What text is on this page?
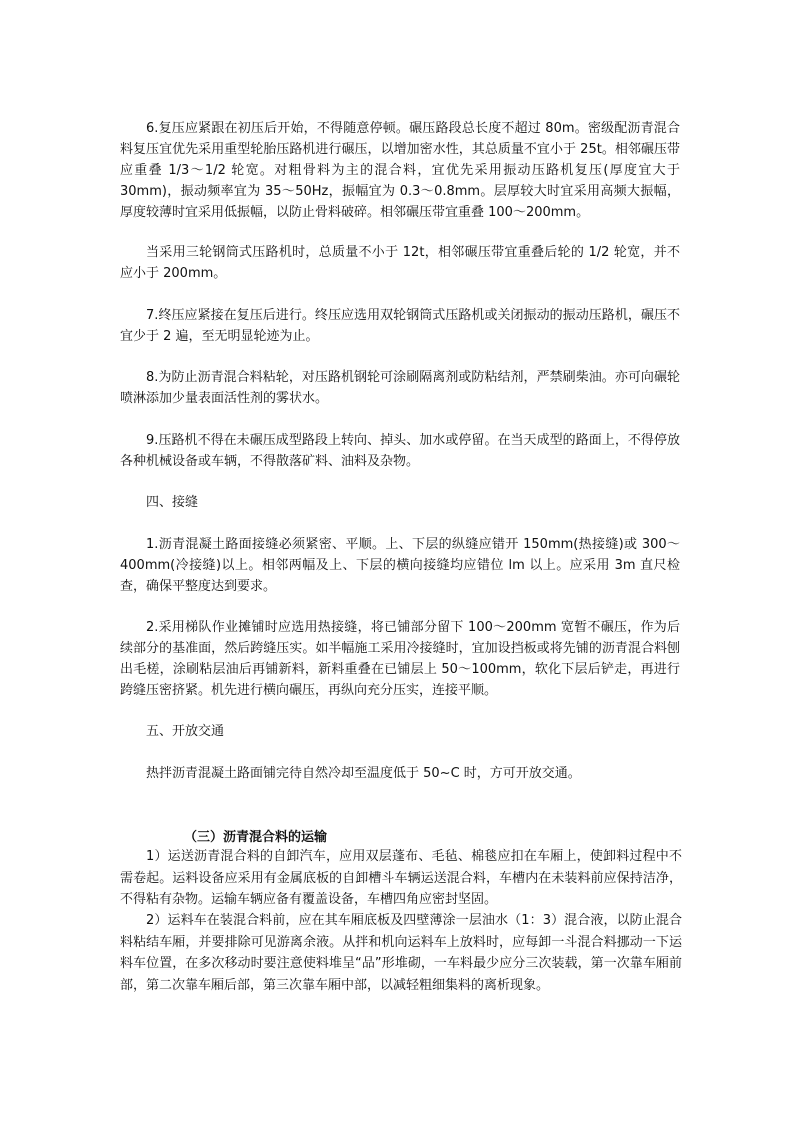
6.复压应紧跟在初压后开始，不得随意停顿。碾压路段总长度不超过 80m。密级配沥青混合料复压宜优先采用重型轮胎压路机进行碾压，以增加密水性，其总质量不宜小于 25t。相邻碾压带应重叠 1/3～1/2 轮宽。对粗骨料为主的混合料，宜优先采用振动压路机复压(厚度宜大于 30mm)，振动频率宜为 35～50Hz，振幅宜为 0.3～0.8mm。层厚较大时宜采用高频大振幅，厚度较薄时宜采用低振幅，以防止骨料破碎。相邻碾压带宜重叠 100～200mm。

当采用三轮钢筒式压路机时，总质量不小于 12t，相邻碾压带宜重叠后轮的 1/2 轮宽，并不应小于 200mm。

7.终压应紧接在复压后进行。终压应选用双轮钢筒式压路机或关闭振动的振动压路机，碾压不宜少于 2 遍，至无明显轮迹为止。

8.为防止沥青混合料粘轮，对压路机钢轮可涂刷隔离剂或防粘结剂，严禁刷柴油。亦可向碾轮喷淋添加少量表面活性剂的雾状水。

9.压路机不得在未碾压成型路段上转向、掉头、加水或停留。在当天成型的路面上，不得停放各种机械设备或车辆，不得散落矿料、油料及杂物。

四、接缝

1.沥青混凝土路面接缝必须紧密、平顺。上、下层的纵缝应错开 150mm(热接缝)或 300～400mm(冷接缝)以上。相邻两幅及上、下层的横向接缝均应错位 lm 以上。应采用 3m 直尺检查，确保平整度达到要求。

2.采用梯队作业摊铺时应选用热接缝，将已铺部分留下 100～200mm 宽暂不碾压，作为后续部分的基准面，然后跨缝压实。如半幅施工采用冷接缝时，宜加设挡板或将先铺的沥青混合料刨出毛槎，涂刷粘层油后再铺新料，新料重叠在已铺层上 50～100mm，软化下层后铲走，再进行跨缝压密挤紧。机先进行横向碾压，再纵向充分压实，连接平顺。

五、开放交通

热拌沥青混凝土路面铺完待自然冷却至温度低于 50~C 时，方可开放交通。

（三）沥青混合料的运输

1）运送沥青混合料的自卸汽车，应用双层蓬布、毛毡、棉毯应扣在车厢上，使卸料过程中不需卷起。运料设备应采用有金属底板的自卸槽斗车辆运送混合料，车槽内在未装料前应保持洁净，不得粘有杂物。运输车辆应备有覆盖设备，车槽四角应密封坚固。

2）运料车在装混合料前，应在其车厢底板及四壁薄涂一层油水（1：3）混合液，以防止混合料粘结车厢，并要排除可见游离余液。从拌和机向运料车上放料时，应每卸一斗混合料挪动一下运料车位置，在多次移动时要注意使料堆呈“品”形堆砌，一车料最少应分三次装载，第一次靠车厢前部，第二次靠车厢后部，第三次靠车厢中部，以减轻粗细集料的离析现象。
